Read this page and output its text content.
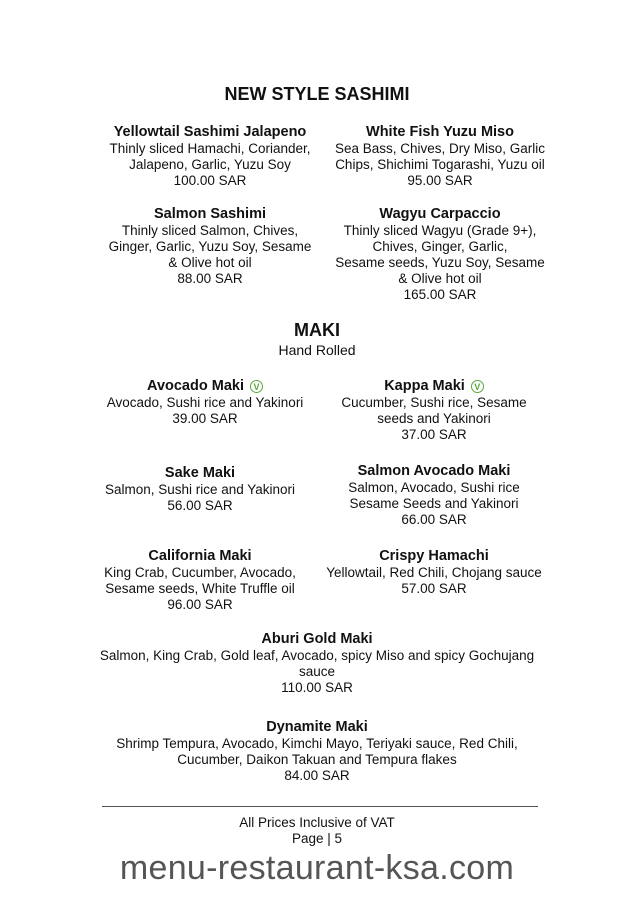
NEW STYLE SASHIMI
Yellowtail Sashimi Jalapeno
Thinly sliced Hamachi, Coriander,
Jalapeno, Garlic, Yuzu Soy
100.00 SAR
White Fish Yuzu Miso
Sea Bass, Chives, Dry Miso, Garlic
Chips, Shichimi Togarashi, Yuzu oil
95.00 SAR
Salmon Sashimi
Thinly sliced Salmon, Chives,
Ginger, Garlic, Yuzu Soy, Sesame
& Olive hot oil
88.00 SAR
Wagyu Carpaccio
Thinly sliced Wagyu (Grade 9+),
Chives, Ginger, Garlic,
Sesame seeds, Yuzu Soy, Sesame
& Olive hot oil
165.00 SAR
MAKI
Hand Rolled
Avocado Maki	V
Avocado, Sushi rice and Yakinori
39.00 SAR
Kappa Maki	V
Cucumber, Sushi rice, Sesame
seeds and Yakinori
37.00 SAR
Sake Maki
Salmon, Sushi rice and Yakinori
56.00 SAR
Salmon Avocado Maki
Salmon, Avocado, Sushi rice
Sesame Seeds and Yakinori
66.00 SAR
California Maki
King Crab, Cucumber, Avocado,
Sesame seeds, White Truffle oil
96.00 SAR
Crispy Hamachi
Yellowtail, Red Chili, Chojang sauce
57.00 SAR
Aburi Gold Maki
Salmon, King Crab, Gold leaf, Avocado, spicy Miso and spicy Gochujang
sauce
110.00 SAR
Dynamite Maki
Shrimp Tempura, Avocado, Kimchi Mayo, Teriyaki sauce, Red Chili,
Cucumber, Daikon Takuan and Tempura flakes
84.00 SAR
All Prices Inclusive of VAT
Page | 5
menu-restaurant-ksa.com
